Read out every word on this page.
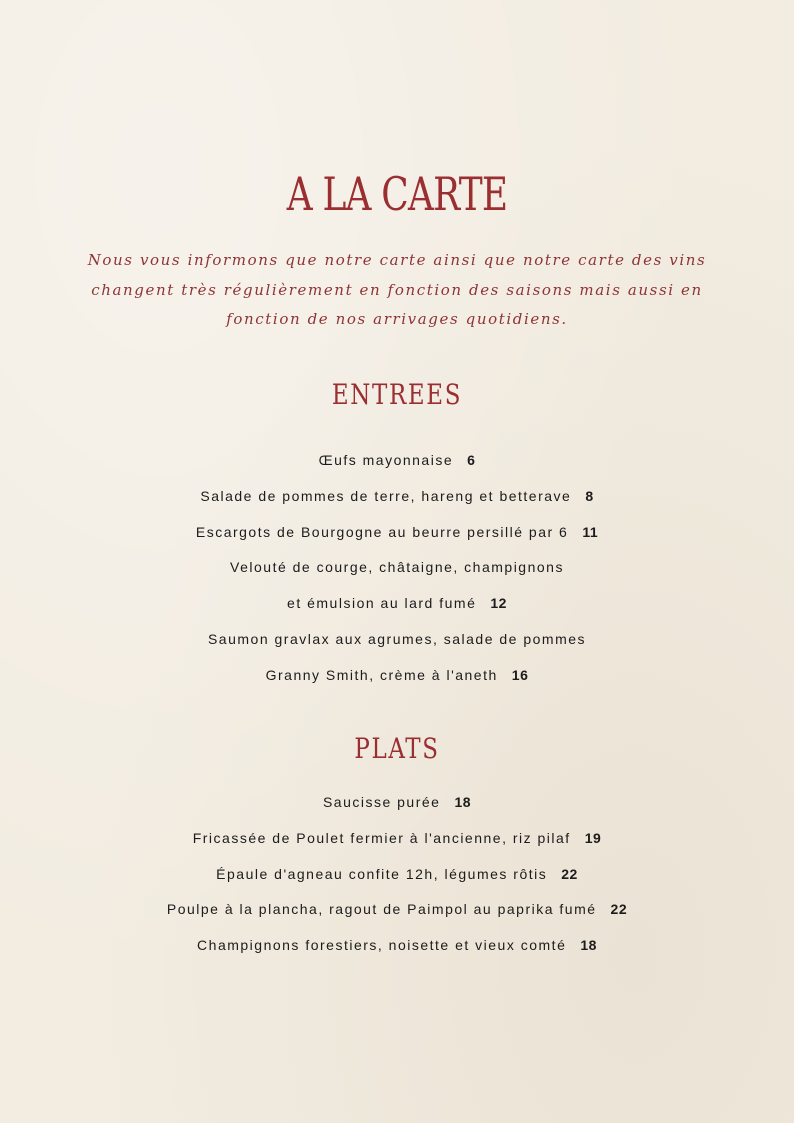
A LA CARTE

Nous vous informons que notre carte ainsi que notre carte des vins
changent très régulièrement en fonction des saisons mais aussi en
fonction de nos arrivages quotidiens.

ENTREES
Œufs mayonnaise 6
Salade de pommes de terre, hareng et betterave 8
Escargots de Bourgogne au beurre persillé par 6 11
Velouté de courge, châtaigne, champignons
et émulsion au lard fumé 12
Saumon gravlax aux agrumes, salade de pommes
Granny Smith, crème à l'aneth 16
PLATS
Saucisse purée 18
Fricassée de Poulet fermier à l'ancienne, riz pilaf 19
Épaule d'agneau confite 12h, légumes rôtis 22
Poulpe à la plancha, ragout de Paimpol au paprika fumé 22
Champignons forestiers, noisette et vieux comté 18
